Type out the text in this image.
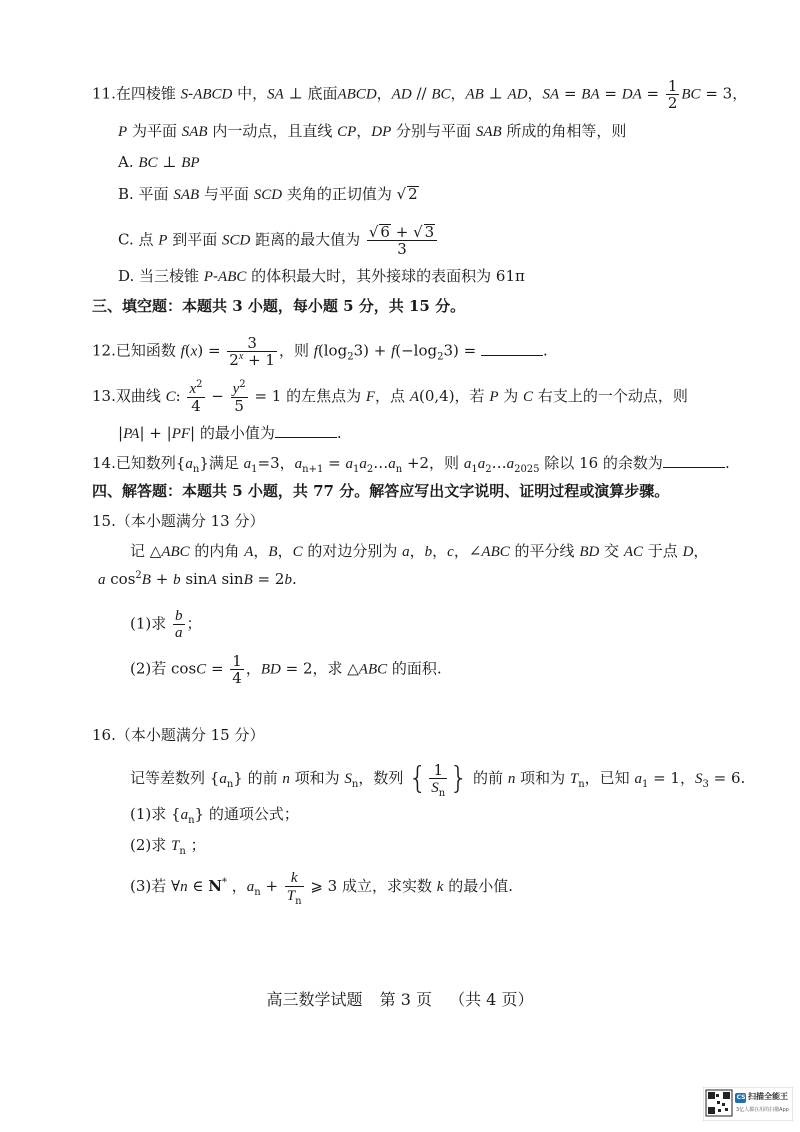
11.在四棱锥 S-ABCD 中，SA ⊥ 底面ABCD，AD // BC，AB ⊥ AD，SA = BA = DA = $\frac{1}{2}$ BC = 3，
P 为平面 SAB 内一动点，且直线 CP，DP 分别与平面 SAB 所成的角相等，则
A. BC ⊥ BP
B. 平面 SAB 与平面 SCD 夹角的正切值为 √ 2
C. 点 P 到平面 SCD 距离的最大值为 $\frac{√ 6 + √ 3}{3}$
D. 当三棱锥 P-ABC 的体积最大时，其外接球的表面积为 61π
三、填空题：本题共 3 小题，每小题 5 分，共 15 分。
12.已知函数 $f(x) = \frac{3}{2^x + 1}$ ，则 $f(\log_23) + f(-\log_23)$ =	.
13.双曲线 C: $\frac{x^2}{4} - \frac{y^2}{5} = 1$ 的左焦点为 F，点 A(0,4)，若 P 为 C 右支上的一个动点，则
|PA| + |PF| 的最小值为	.
14.已知数列$\{a_n\}$满足 $a_1=3$，$a_{n+1}$ = $a_1a_2\dots a_n +2$，则 $a_1a_2\dots a_{2025}$ 除以 16 的余数为	.
四、解答题：本题共 5 小题，共 77 分。解答应写出文字说明、证明过程或演算步骤。
15.（本小题满分 13 分）
记 △ABC 的内角 A，B，C 的对边分别为 a，b，c，∠ABC 的平分线 BD 交 AC 于点 D，
a $\cos^2B + b$ sinA sinB = 2b.
(1)求 $\frac{b}{a}$ ；
(2)若 $\cos C = \frac{1}{4}$ ，BD = 2，求 △ABC 的面积.
16.（本小题满分 15 分）
记等差数列 $\{a_n\}$ 的前 n 项和为 $S_n$，数列 { $\frac{1}{S_n}$ } 的前 n 项和为 $T_n$，已知 $a_1 = 1$，$S_3 = 6$.
(1)求 $\{a_n\}$ 的通项公式；
(2)求 $T_n$ ；
(3)若 ∀n ∈ N* ，$a_n + \frac{k}{T_n}$ ⩾ 3 成立，求实数 k 的最小值.
高三数学试题 第 3 页 （共 4 页）
CS 扫描全能王
3亿人都在用的扫描App
